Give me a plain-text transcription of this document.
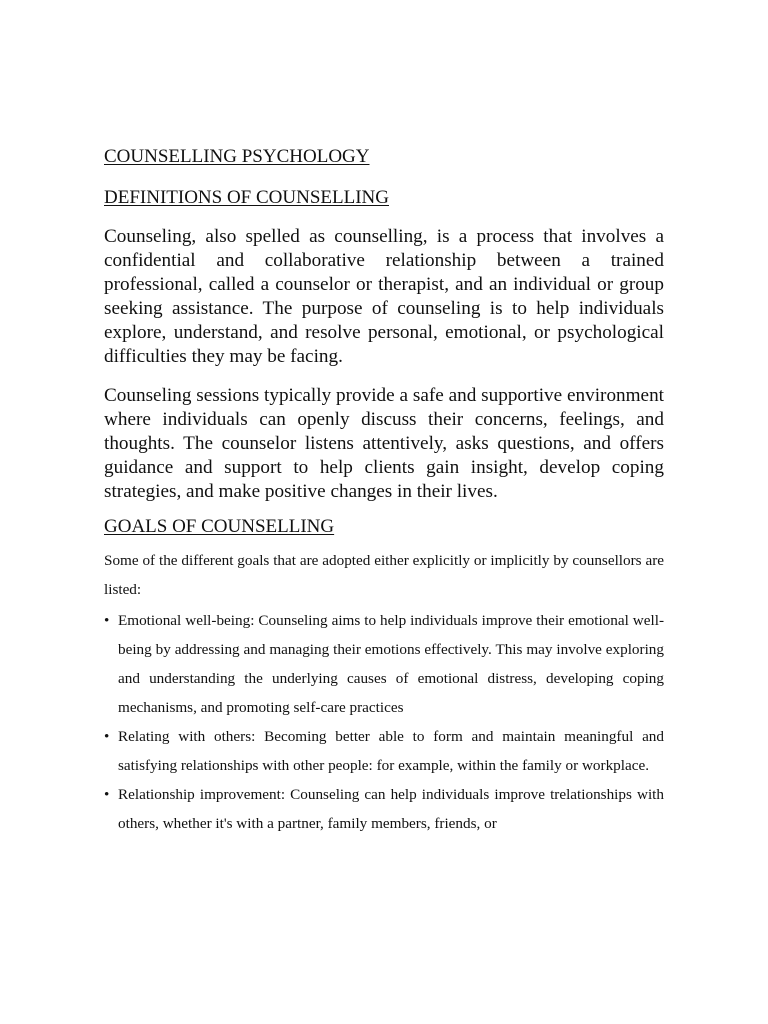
COUNSELLING PSYCHOLOGY
DEFINITIONS OF COUNSELLING

Counseling, also spelled as counselling, is a process that involves a confidential and collaborative relationship between a trained professional, called a counselor or therapist, and an individual or group seeking assistance. The purpose of counseling is to help individuals explore, understand, and resolve personal, emotional, or psychological difficulties they may be facing.

Counseling sessions typically provide a safe and supportive environment where individuals can openly discuss their concerns, feelings, and thoughts. The counselor listens attentively, asks questions, and offers guidance and support to help clients gain insight, develop coping strategies, and make positive changes in their lives.

GOALS OF COUNSELLING

Some of the different goals that are adopted either explicitly or implicitly by counsellors are listed:

• Emotional well-being: Counseling aims to help individuals improve their emotional well-being by addressing and managing their emotions effectively. This may involve exploring and understanding the underlying causes of emotional distress, developing coping mechanisms, and promoting self-care practices
• Relating with others: Becoming better able to form and maintain meaningful and satisfying relationships with other people: for example, within the family or workplace.
• Relationship improvement: Counseling can help individuals improve trelationships with others, whether it's with a partner, family members, friends, or
